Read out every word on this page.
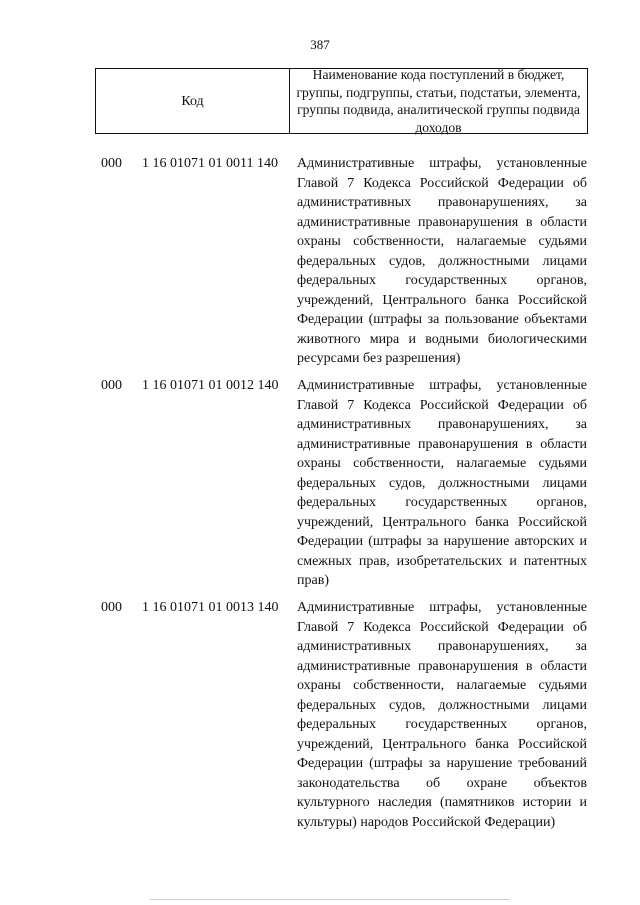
387
Код
Наименование кода поступлений в бюджет, группы, подгруппы, статьи, подстатьи, элемента, группы подвида, аналитической группы подвида доходов
000 1 16 01071 01 0011 140 Административные штрафы, установленные
Главой 7 Кодекса Российской Федерации об
административных правонарушениях, за
административные правонарушения в области
охраны собственности, налагаемые судьями
федеральных судов, должностными лицами
федеральных государственных органов,
учреждений, Центрального банка Российской
Федерации (штрафы за пользование объектами
животного мира и водными биологическими
ресурсами без разрешения)
000 1 16 01071 01 0012 140 Административные штрафы, установленные
Главой 7 Кодекса Российской Федерации об
административных правонарушениях, за
административные правонарушения в области
охраны собственности, налагаемые судьями
федеральных судов, должностными лицами
федеральных государственных органов,
учреждений, Центрального банка Российской
Федерации (штрафы за нарушение авторских и
смежных прав, изобретательских и патентных
прав)
000 1 16 01071 01 0013 140 Административные штрафы, установленные
Главой 7 Кодекса Российской Федерации об
административных правонарушениях, за
административные правонарушения в области
охраны собственности, налагаемые судьями
федеральных судов, должностными лицами
федеральных государственных органов,
учреждений, Центрального банка Российской
Федерации (штрафы за нарушение требований
законодательства об охране объектов
культурного наследия (памятников истории и
культуры) народов Российской Федерации)
